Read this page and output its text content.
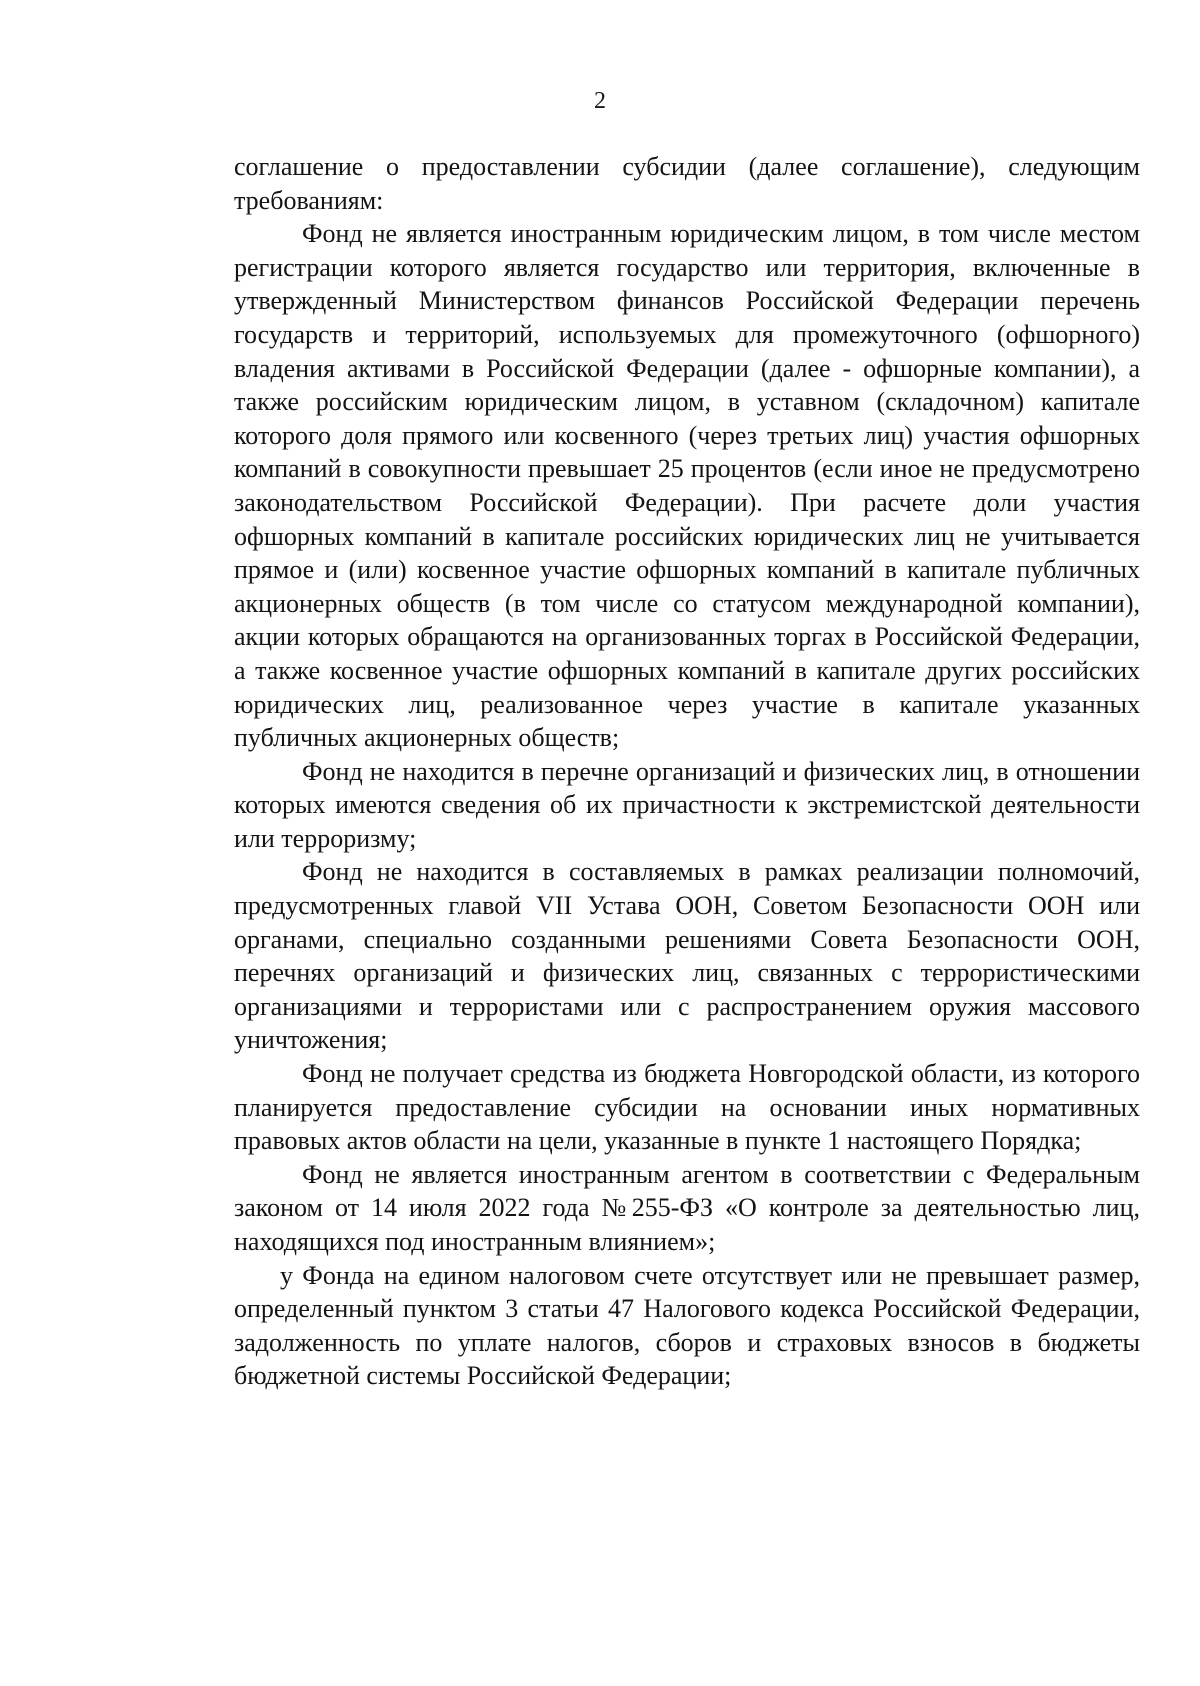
2

соглашение о предоставлении субсидии (далее соглашение), следующим требованиям:

Фонд не является иностранным юридическим лицом, в том числе местом регистрации которого является государство или территория, включенные в утвержденный Министерством финансов Российской Федерации перечень государств и территорий, используемых для промежуточного (офшорного) владения активами в Российской Федерации (далее - офшорные компании), а также российским юридическим лицом, в уставном (складочном) капитале которого доля прямого или косвенного (через третьих лиц) участия офшорных компаний в совокупности превышает 25 процентов (если иное не предусмотрено законодательством Российской Федерации). При расчете доли участия офшорных компаний в капитале российских юридических лиц не учитывается прямое и (или) косвенное участие офшорных компаний в капитале публичных акционерных обществ (в том числе со статусом международной компании), акции которых обращаются на организованных торгах в Российской Федерации, а также косвенное участие офшорных компаний в капитале других российских юридических лиц, реализованное через участие в капитале указанных публичных акционерных обществ;

Фонд не находится в перечне организаций и физических лиц, в отношении которых имеются сведения об их причастности к экстремистской деятельности или терроризму;

Фонд не находится в составляемых в рамках реализации полномочий, предусмотренных главой VII Устава ООН, Советом Безопасности ООН или органами, специально созданными решениями Совета Безопасности ООН, перечнях организаций и физических лиц, связанных с террористическими организациями и террористами или с распространением оружия массового уничтожения;

Фонд не получает средства из бюджета Новгородской области, из которого планируется предоставление субсидии на основании иных нормативных правовых актов области на цели, указанные в пункте 1 настоящего Порядка;

Фонд не является иностранным агентом в соответствии с Федеральным законом от 14 июля 2022 года №255-ФЗ «О контроле за деятельностью лиц, находящихся под иностранным влиянием»;

у Фонда на едином налоговом счете отсутствует или не превышает размер, определенный пунктом 3 статьи 47 Налогового кодекса Российской Федерации, задолженность по уплате налогов, сборов и страховых взносов в бюджеты бюджетной системы Российской Федерации;
